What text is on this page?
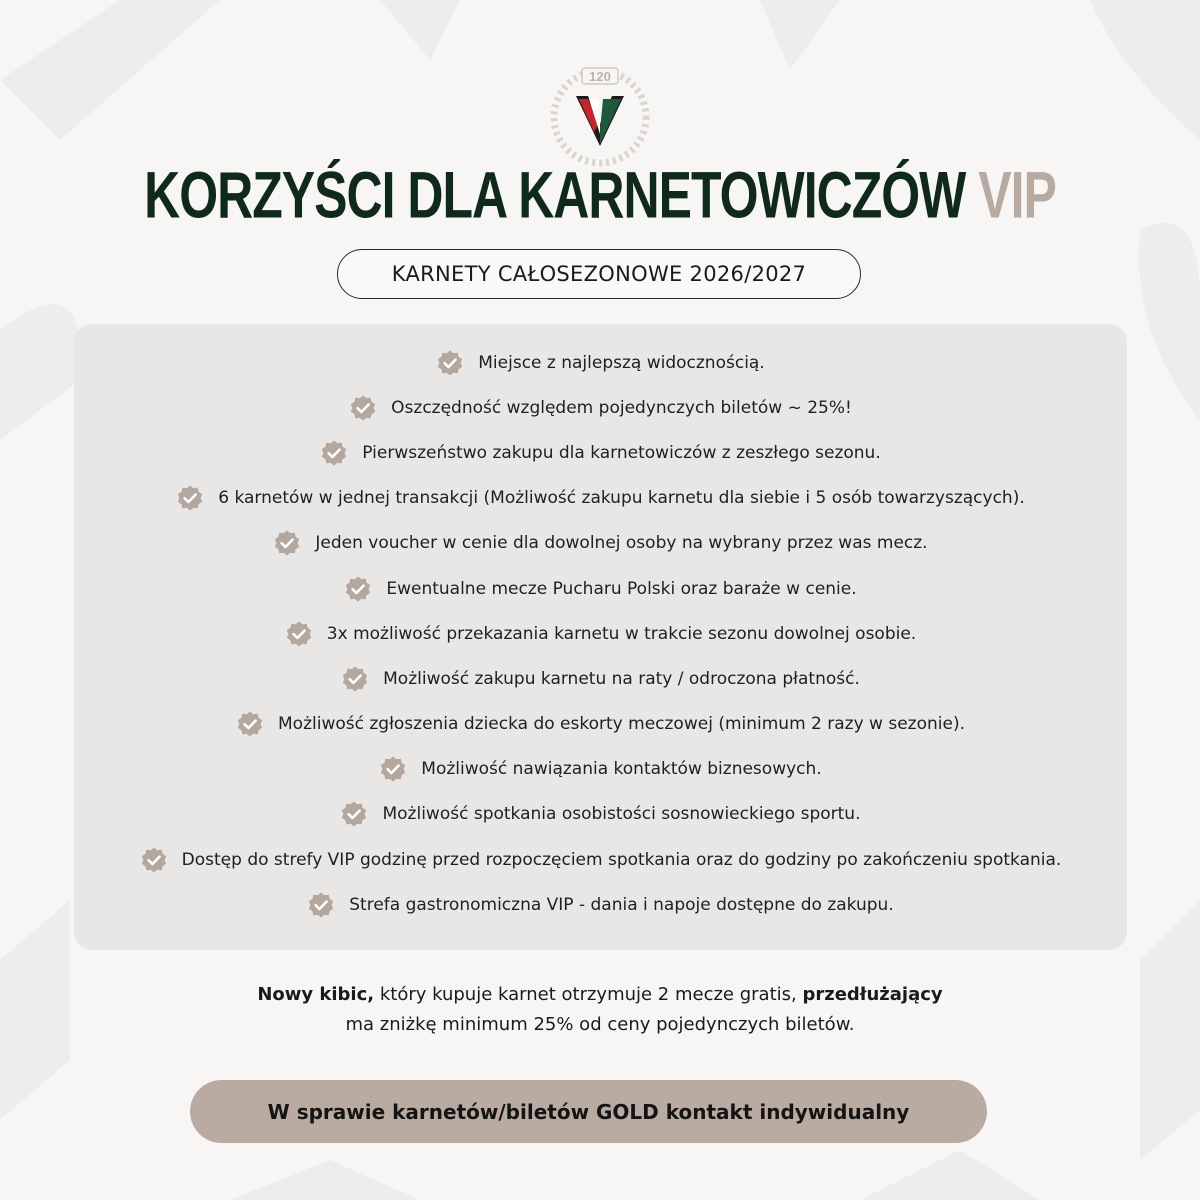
120
KORZYŚCI DLA KARNETOWICZÓW VIP
KARNETY CAŁOSEZONOWE 2026/2027
Miejsce z najlepszą widocznością.
Oszczędność względem pojedynczych biletów ~ 25%!
Pierwszeństwo zakupu dla karnetowiczów z zeszłego sezonu.
6 karnetów w jednej transakcji (Możliwość zakupu karnetu dla siebie i 5 osób towarzyszących).
Jeden voucher w cenie dla dowolnej osoby na wybrany przez was mecz.
Ewentualne mecze Pucharu Polski oraz baraże w cenie.
3x możliwość przekazania karnetu w trakcie sezonu dowolnej osobie.
Możliwość zakupu karnetu na raty / odroczona płatność.
Możliwość zgłoszenia dziecka do eskorty meczowej (minimum 2 razy w sezonie).
Możliwość nawiązania kontaktów biznesowych.
Możliwość spotkania osobistości sosnowieckiego sportu.
Dostęp do strefy VIP godzinę przed rozpoczęciem spotkania oraz do godziny po zakończeniu spotkania.
Strefa gastronomiczna VIP - dania i napoje dostępne do zakupu.
Nowy kibic, który kupuje karnet otrzymuje 2 mecze gratis, przedłużający
ma zniżkę minimum 25% od ceny pojedynczych biletów.
W sprawie karnetów/biletów GOLD kontakt indywidualny
